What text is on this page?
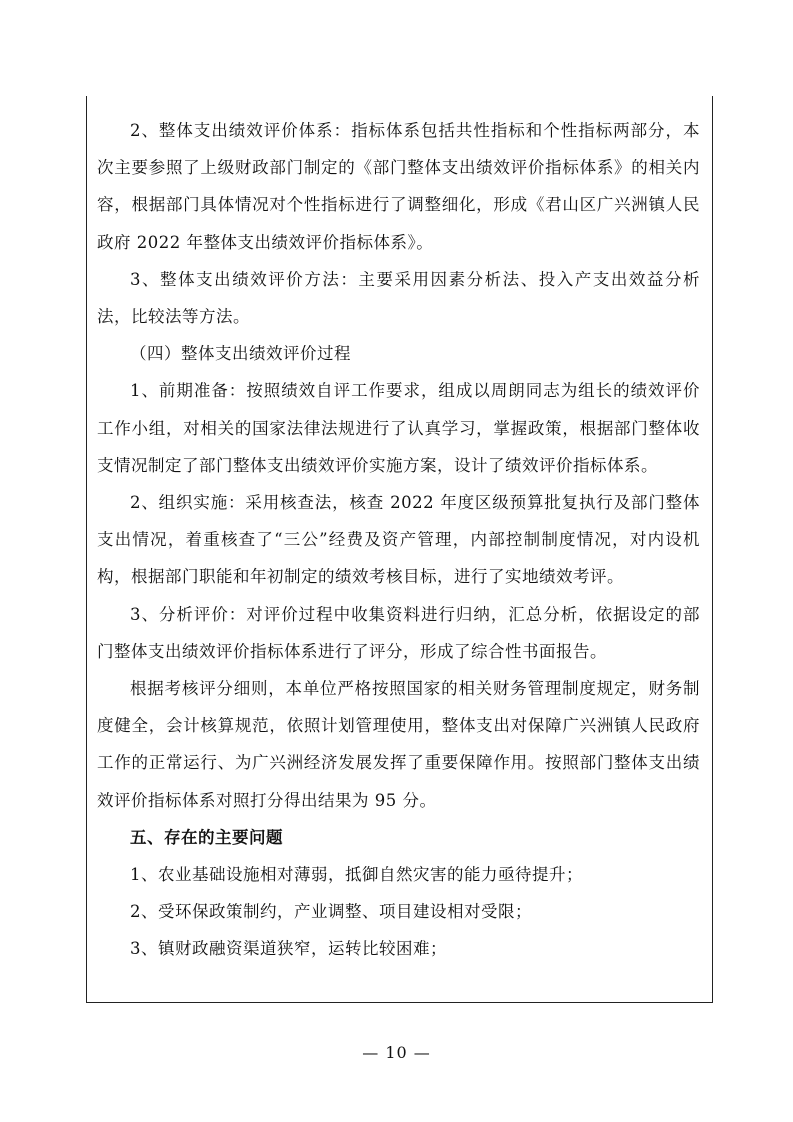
2、整体支出绩效评价体系：指标体系包括共性指标和个性指标两部分，本次主要参照了上级财政部门制定的《部门整体支出绩效评价指标体系》的相关内容，根据部门具体情况对个性指标进行了调整细化，形成《君山区广兴洲镇人民政府 2022 年整体支出绩效评价指标体系》。

3、整体支出绩效评价方法：主要采用因素分析法、投入产支出效益分析法，比较法等方法。

（四）整体支出绩效评价过程

1、前期准备：按照绩效自评工作要求，组成以周朗同志为组长的绩效评价工作小组，对相关的国家法律法规进行了认真学习，掌握政策，根据部门整体收支情况制定了部门整体支出绩效评价实施方案，设计了绩效评价指标体系。

2、组织实施：采用核查法，核查 2022 年度区级预算批复执行及部门整体支出情况，着重核查了“三公”经费及资产管理，内部控制制度情况，对内设机构，根据部门职能和年初制定的绩效考核目标，进行了实地绩效考评。

3、分析评价：对评价过程中收集资料进行归纳，汇总分析，依据设定的部门整体支出绩效评价指标体系进行了评分，形成了综合性书面报告。

根据考核评分细则，本单位严格按照国家的相关财务管理制度规定，财务制度健全，会计核算规范，依照计划管理使用，整体支出对保障广兴洲镇人民政府工作的正常运行、为广兴洲经济发展发挥了重要保障作用。按照部门整体支出绩效评价指标体系对照打分得出结果为 95 分。

五、存在的主要问题

1、农业基础设施相对薄弱，抵御自然灾害的能力亟待提升；

2、受环保政策制约，产业调整、项目建设相对受限；

3、镇财政融资渠道狭窄，运转比较困难；

— 10 —
